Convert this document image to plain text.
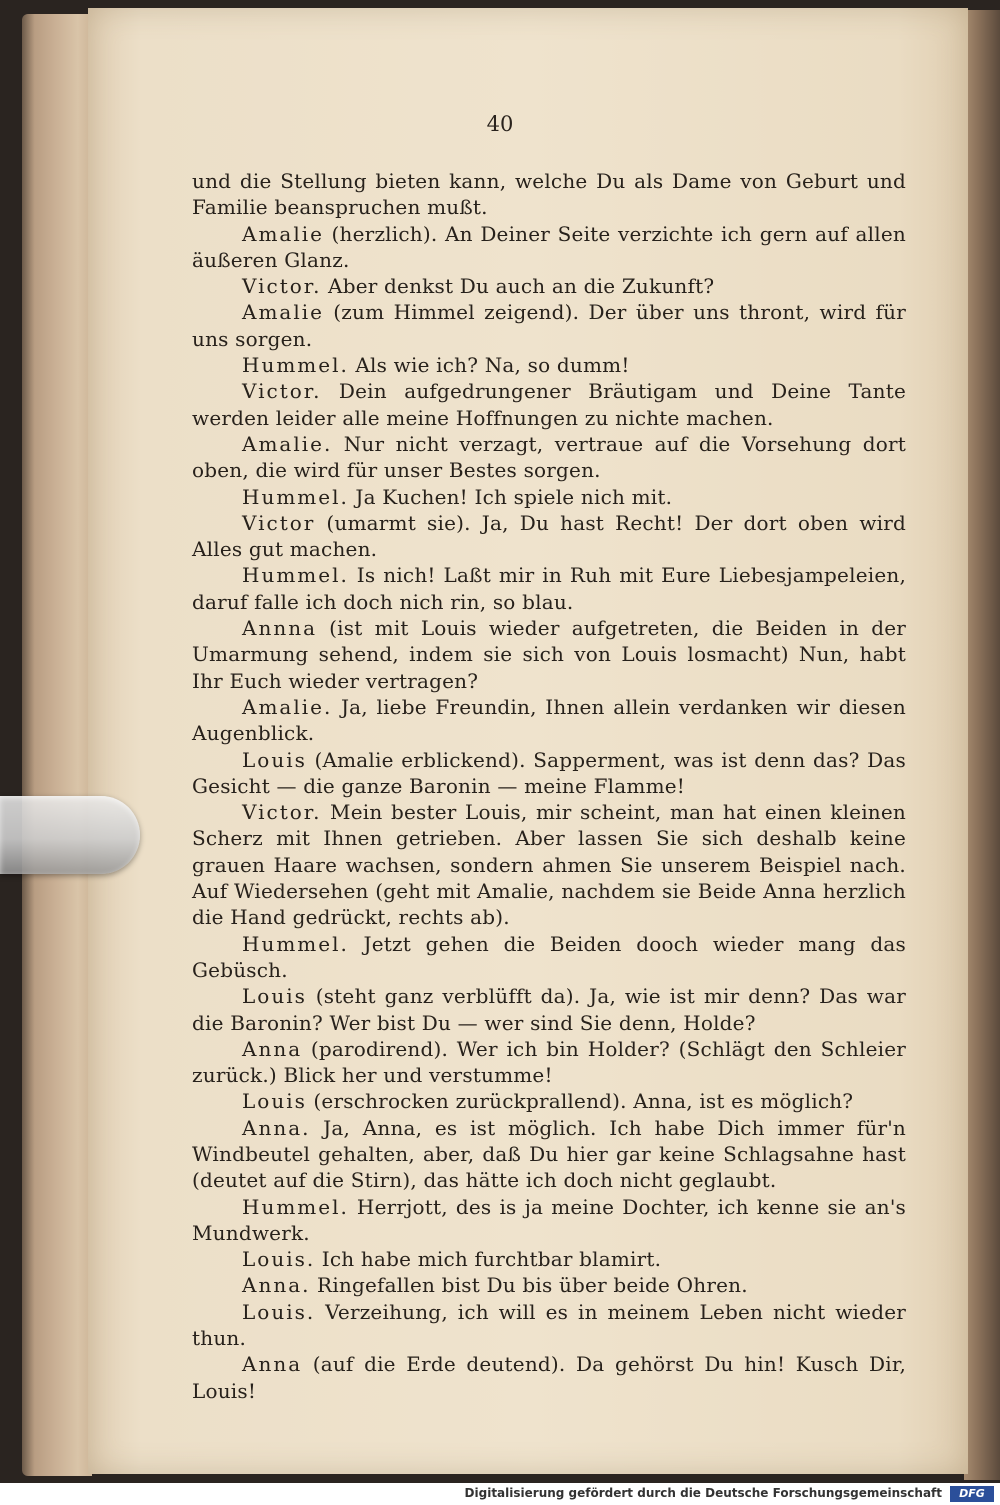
40

und die Stellung bieten kann, welche Du als Dame von Geburt und Familie beanspruchen mußt.

Amalie (herzlich). An Deiner Seite verzichte ich gern auf allen äußeren Glanz.

Victor. Aber denkst Du auch an die Zukunft?

Amalie (zum Himmel zeigend). Der über uns thront, wird für uns sorgen.

Hummel. Als wie ich? Na, so dumm!

Victor. Dein aufgedrungener Bräutigam und Deine Tante werden leider alle meine Hoffnungen zu nichte machen.

Amalie. Nur nicht verzagt, vertraue auf die Vorsehung dort oben, die wird für unser Bestes sorgen.

Hummel. Ja Kuchen! Ich spiele nich mit.

Victor (umarmt sie). Ja, Du hast Recht! Der dort oben wird Alles gut machen.

Hummel. Is nich! Laßt mir in Ruh mit Eure Liebesjampeleien, daruf falle ich doch nich rin, so blau.

Annna (ist mit Louis wieder aufgetreten, die Beiden in der Umarmung sehend, indem sie sich von Louis losmacht) Nun, habt Ihr Euch wieder vertragen?

Amalie. Ja, liebe Freundin, Ihnen allein verdanken wir diesen Augenblick.

Louis (Amalie erblickend). Sapperment, was ist denn das? Das Gesicht — die ganze Baronin — meine Flamme!

Victor. Mein bester Louis, mir scheint, man hat einen kleinen Scherz mit Ihnen getrieben. Aber lassen Sie sich deshalb keine grauen Haare wachsen, sondern ahmen Sie unserem Beispiel nach. Auf Wiedersehen (geht mit Amalie, nachdem sie Beide Anna herzlich die Hand gedrückt, rechts ab).

Hummel. Jetzt gehen die Beiden dooch wieder mang das Gebüsch.

Louis (steht ganz verblüfft da). Ja, wie ist mir denn? Das war die Baronin? Wer bist Du — wer sind Sie denn, Holde?

Anna (parodirend). Wer ich bin Holder? (Schlägt den Schleier zurück.) Blick her und verstumme!

Louis (erschrocken zurückprallend). Anna, ist es möglich?

Anna. Ja, Anna, es ist möglich. Ich habe Dich immer für'n Windbeutel gehalten, aber, daß Du hier gar keine Schlagsahne hast (deutet auf die Stirn), das hätte ich doch nicht geglaubt.

Hummel. Herrjott, des is ja meine Dochter, ich kenne sie an's Mundwerk.

Louis. Ich habe mich furchtbar blamirt.

Anna. Ringefallen bist Du bis über beide Ohren.

Louis. Verzeihung, ich will es in meinem Leben nicht wieder thun.

Anna (auf die Erde deutend). Da gehörst Du hin! Kusch Dir, Louis!

Digitalisierung gefördert durch die Deutsche Forschungsgemeinschaft	DFG
